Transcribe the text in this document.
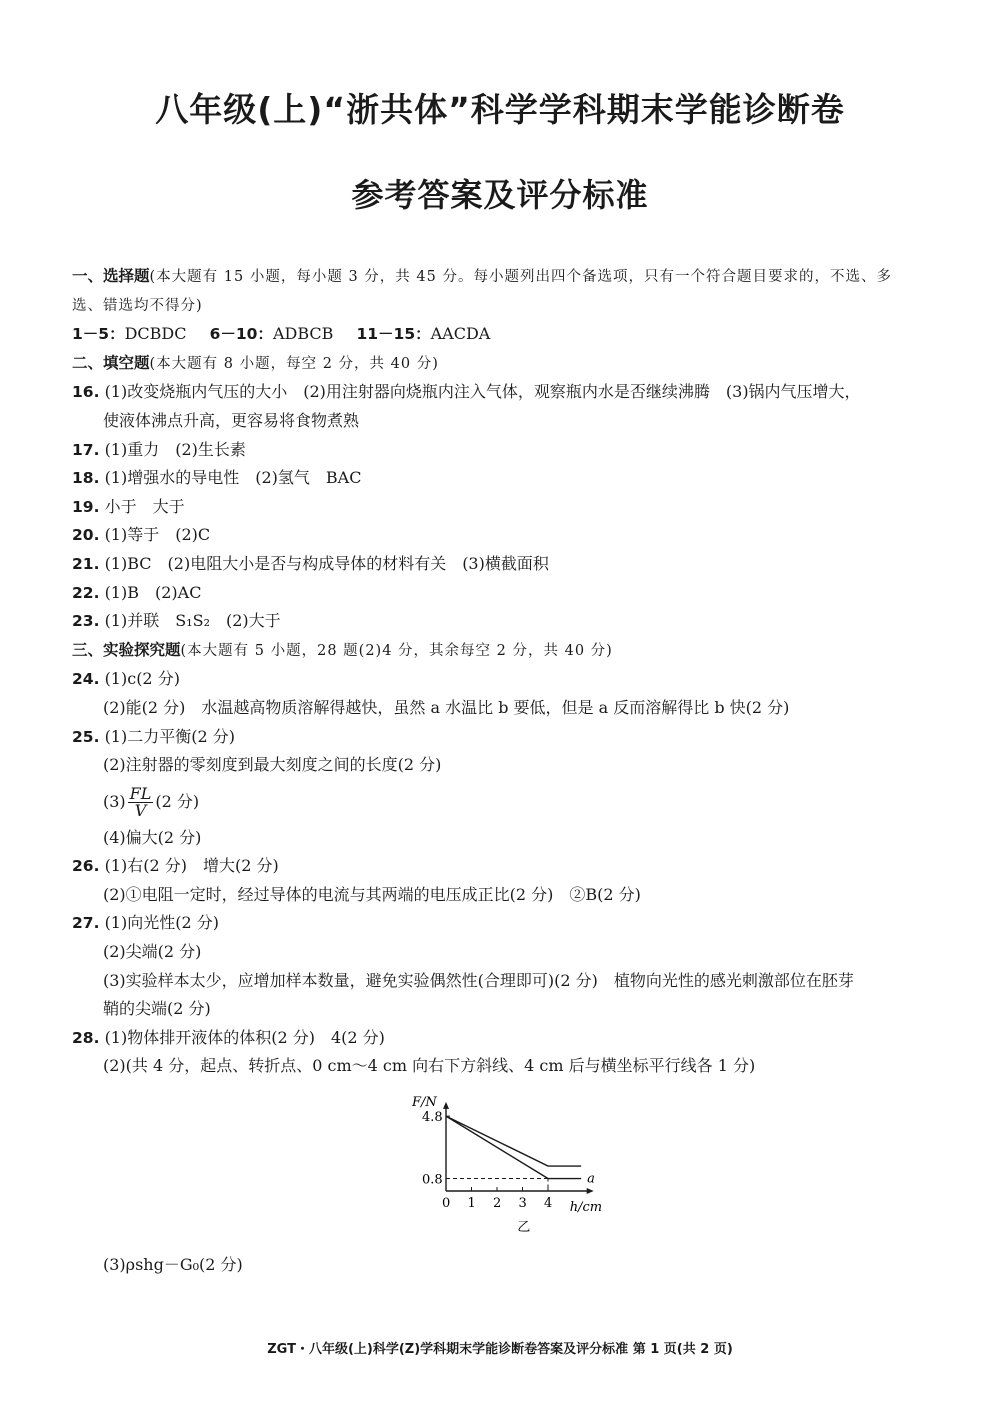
八年级(上)“浙共体”科学学科期末学能诊断卷
参考答案及评分标准
一、选择题(本大题有 15 小题，每小题 3 分，共 45 分。每小题列出四个备选项，只有一个符合题目要求的，不选、多
选、错选均不得分)
1－5：DCBDC 6－10：ADBCB 11－15：AACDA
二、填空题(本大题有 8 小题，每空 2 分，共 40 分)
16. (1)改变烧瓶内气压的大小　(2)用注射器向烧瓶内注入气体，观察瓶内水是否继续沸腾　(3)锅内气压增大，
使液体沸点升高，更容易将食物煮熟
17. (1)重力　(2)生长素
18. (1)增强水的导电性　(2)氢气　BAC
19. 小于　大于
20. (1)等于　(2)C
21. (1)BC　(2)电阻大小是否与构成导体的材料有关　(3)横截面积
22. (1)B　(2)AC
23. (1)并联　S₁S₂　(2)大于
三、实验探究题(本大题有 5 小题，28 题(2)4 分，其余每空 2 分，共 40 分)
24. (1)c(2 分)
(2)能(2 分)　水温越高物质溶解得越快，虽然 a 水温比 b 要低，但是 a 反而溶解得比 b 快(2 分)
25. (1)二力平衡(2 分)
(2)注射器的零刻度到最大刻度之间的长度(2 分)
$(3) \frac{FL}{V} (2$ 分)
(4)偏大(2 分)
26. (1)右(2 分)　增大(2 分)
(2)①电阻一定时，经过导体的电流与其两端的电压成正比(2 分)　②B(2 分)
27. (1)向光性(2 分)
(2)尖端(2 分)
(3)实验样本太少，应增加样本数量，避免实验偶然性(合理即可)(2 分)　植物向光性的感光刺激部位在胚芽
鞘的尖端(2 分)
28. (1)物体排开液体的体积(2 分)　4(2 分)
(2)(共 4 分，起点、转折点、0 cm～4 cm 向右下方斜线、4 cm 后与横坐标平行线各 1 分)
F/N
h/cm
0 1 2 3 4
4.8
0.8	a
乙
(3)ρshg－G₀(2 分)
ZGT・八年级(上)科学(Z)学科期末学能诊断卷答案及评分标准 第 1 页(共 2 页)
